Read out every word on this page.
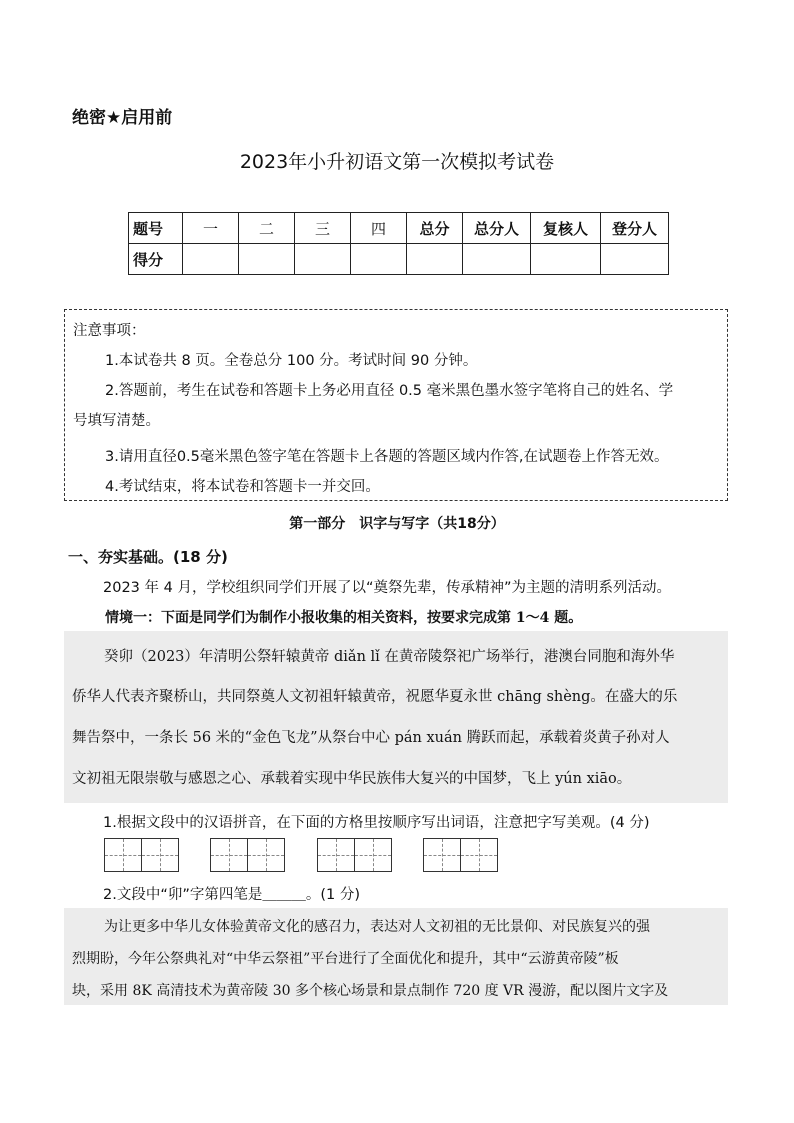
绝密★启用前
2023年小升初语文第一次模拟考试卷
题号	一	二	三	四	总分	总分人	复核人	登分人
得分								
注意事项：
1.本试卷共 8 页。全卷总分 100 分。考试时间 90 分钟。
2.答题前，考生在试卷和答题卡上务必用直径 0.5 毫米黑色墨水签字笔将自己的姓名、学
号填写清楚。
3.请用直径0.5毫米黑色签字笔在答题卡上各题的答题区域内作答,在试题卷上作答无效。
4.考试结束，将本试卷和答题卡一并交回。
第一部分　识字与写字（共18分）
一、夯实基础。(18 分)
2023 年 4 月，学校组织同学们开展了以“奠祭先辈，传承精神”为主题的清明系列活动。
情境一：下面是同学们为制作小报收集的相关资料，按要求完成第 1～4 题。
癸卯（2023）年清明公祭轩辕黄帝 diǎn lǐ 在黄帝陵祭祀广场举行，港澳台同胞和海外华
侨华人代表齐聚桥山，共同祭奠人文初祖轩辕黄帝，祝愿华夏永世 chāng shèng。在盛大的乐
舞告祭中，一条长 56 米的“金色飞龙”从祭台中心 pán xuán 腾跃而起，承载着炎黄子孙对人
文初祖无限崇敬与感恩之心、承载着实现中华民族伟大复兴的中国梦，飞上 yún xiāo。
1.根据文段中的汉语拼音，在下面的方格里按顺序写出词语，注意把字写美观。(4 分)
2.文段中“卯”字第四笔是＿＿＿。(1 分)
为让更多中华儿女体验黄帝文化的感召力，表达对人文初祖的无比景仰、对民族复兴的强
烈期盼，今年公祭典礼对“中华云祭祖”平台进行了全面优化和提升，其中“云游黄帝陵”板
块，采用 8K 高清技术为黄帝陵 30 多个核心场景和景点制作 720 度 VR 漫游，配以图片文字及
